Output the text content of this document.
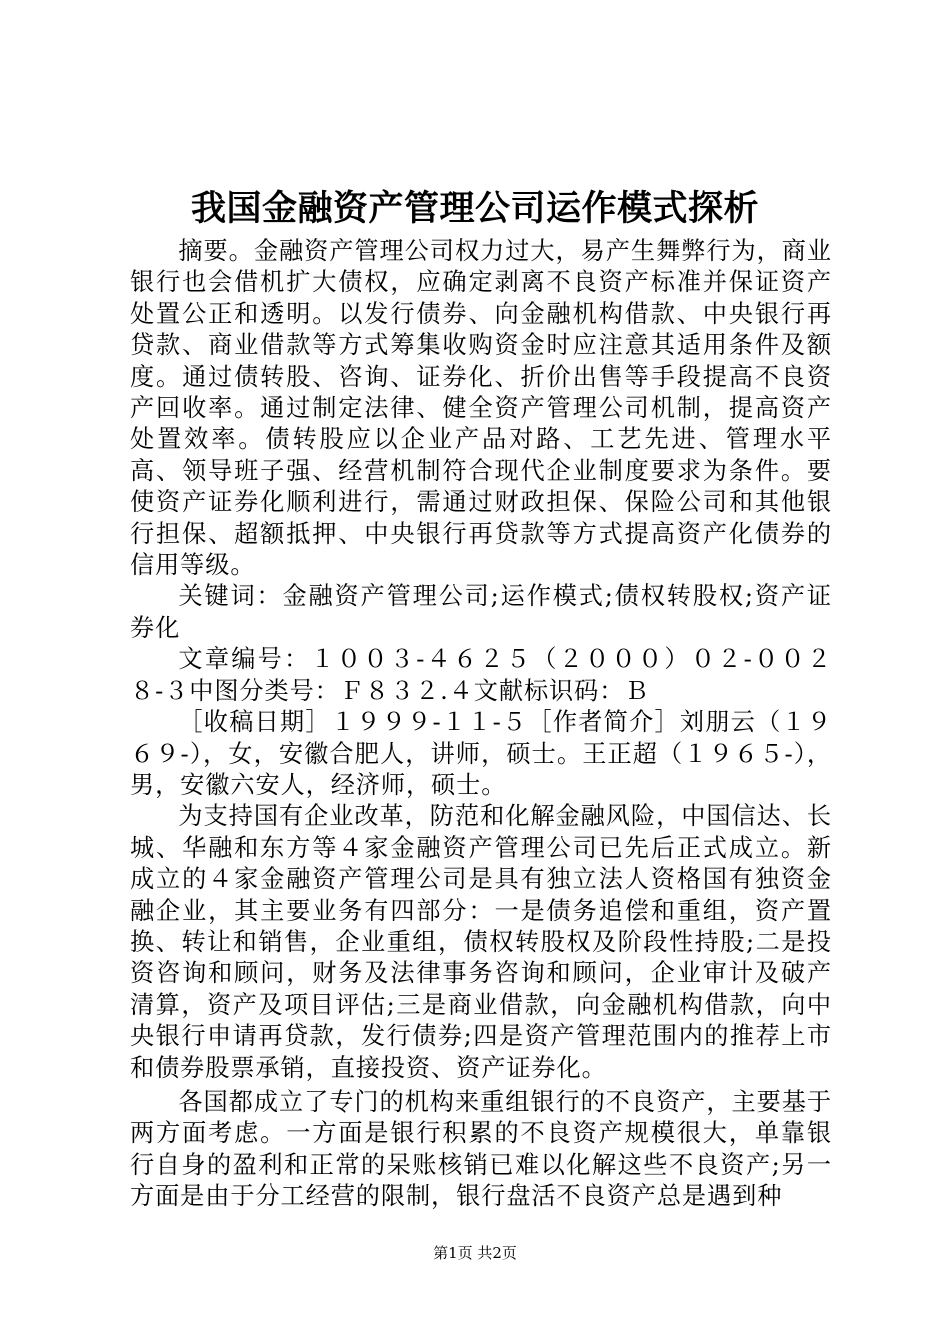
我国金融资产管理公司运作模式探析

摘要。金融资产管理公司权力过大，易产生舞弊行为，商业银行也会借机扩大债权，应确定剥离不良资产标准并保证资产处置公正和透明。以发行债券、向金融机构借款、中央银行再贷款、商业借款等方式筹集收购资金时应注意其适用条件及额度。通过债转股、咨询、证券化、折价出售等手段提高不良资产回收率。通过制定法律、健全资产管理公司机制，提高资产处置效率。债转股应以企业产品对路、工艺先进、管理水平高、领导班子强、经营机制符合现代企业制度要求为条件。要使资产证券化顺利进行，需通过财政担保、保险公司和其他银行担保、超额抵押、中央银行再贷款等方式提高资产化债券的信用等级。

关键词：金融资产管理公司;运作模式;债权转股权;资产证券化

文章编号：１００３-４６２５（２０００）０２-００２８-３中图分类号：Ｆ８３２.４文献标识码：Ｂ

［收稿日期］１９９９-１１-５［作者简介］刘朋云（１９６９-），女，安徽合肥人，讲师，硕士。王正超（１９６５-），男，安徽六安人，经济师，硕士。

为支持国有企业改革，防范和化解金融风险，中国信达、长城、华融和东方等４家金融资产管理公司已先后正式成立。新成立的４家金融资产管理公司是具有独立法人资格国有独资金融企业，其主要业务有四部分：一是债务追偿和重组，资产置换、转让和销售，企业重组，债权转股权及阶段性持股;二是投资咨询和顾问，财务及法律事务咨询和顾问，企业审计及破产清算，资产及项目评估;三是商业借款，向金融机构借款，向中央银行申请再贷款，发行债券;四是资产管理范围内的推荐上市和债券股票承销，直接投资、资产证券化。

各国都成立了专门的机构来重组银行的不良资产，主要基于两方面考虑。一方面是银行积累的不良资产规模很大，单靠银行自身的盈利和正常的呆账核销已难以化解这些不良资产;另一方面是由于分工经营的限制，银行盘活不良资产总是遇到种

第1页 共2页
